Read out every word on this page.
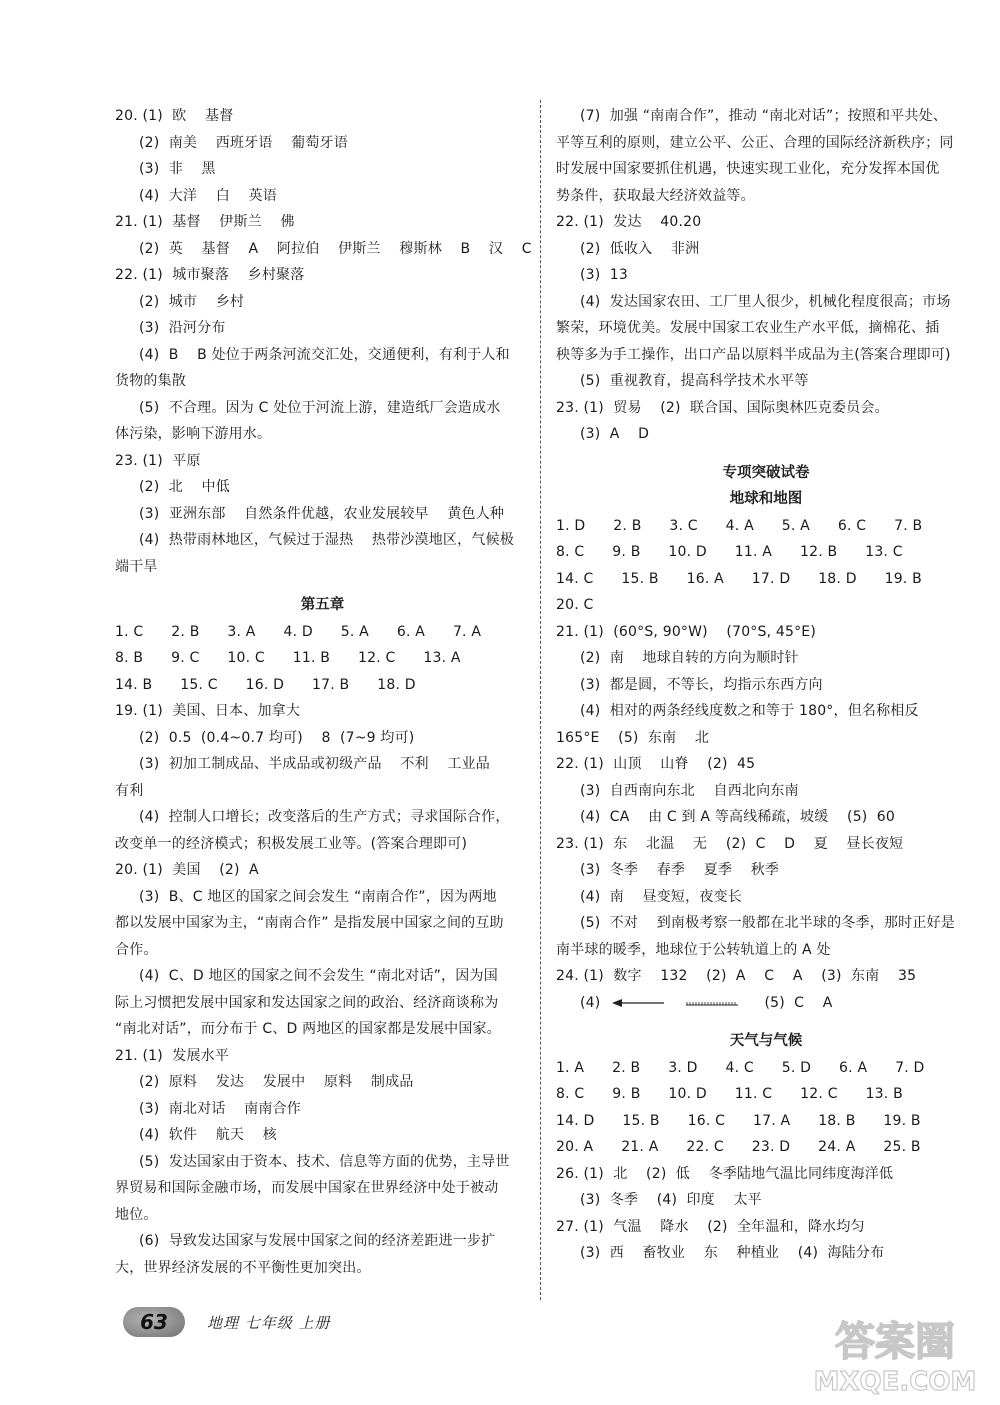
20. (1)  欧    基督
(2)  南美    西班牙语    葡萄牙语
(3)  非    黑
(4)  大洋    白    英语
21. (1)  基督    伊斯兰    佛
(2)  英    基督    A    阿拉伯    伊斯兰    穆斯林    B    汉    C
22. (1)  城市聚落    乡村聚落
(2)  城市    乡村
(3)  沿河分布
(4)  B    B 处位于两条河流交汇处，交通便利，有利于人和
货物的集散
(5)  不合理。因为 C 处位于河流上游，建造纸厂会造成水
体污染，影响下游用水。
23. (1)  平原
(2)  北    中低
(3)  亚洲东部    自然条件优越，农业发展较早    黄色人种
(4)  热带雨林地区，气候过于湿热    热带沙漠地区，气候极
端干旱
第五章
1. C      2. B      3. A      4. D      5. A      6. A      7. A
8. B      9. C      10. C      11. B      12. C      13. A
14. B      15. C      16. D      17. B      18. D
19. (1)  美国、日本、加拿大
(2)  0.5  (0.4~0.7 均可)    8  (7~9 均可)
(3)  初加工制成品、半成品或初级产品    不利    工业品
有利
(4)  控制人口增长；改变落后的生产方式；寻求国际合作，
改变单一的经济模式；积极发展工业等。(答案合理即可)
20. (1)  美国    (2)  A
(3)  B、C 地区的国家之间会发生 “南南合作”，因为两地
都以发展中国家为主，“南南合作” 是指发展中国家之间的互助
合作。
(4)  C、D 地区的国家之间不会发生 “南北对话”，因为国
际上习惯把发展中国家和发达国家之间的政治、经济商谈称为
“南北对话”，而分布于 C、D 两地区的国家都是发展中国家。
21. (1)  发展水平
(2)  原料    发达    发展中    原料    制成品
(3)  南北对话    南南合作
(4)  软件    航天    核
(5)  发达国家由于资本、技术、信息等方面的优势，主导世
界贸易和国际金融市场，而发展中国家在世界经济中处于被动
地位。
(6)  导致发达国家与发展中国家之间的经济差距进一步扩
大，世界经济发展的不平衡性更加突出。
(7)  加强 “南南合作”，推动 “南北对话”；按照和平共处、
平等互利的原则，建立公平、公正、合理的国际经济新秩序；同
时发展中国家要抓住机遇，快速实现工业化，充分发挥本国优
势条件，获取最大经济效益等。
22. (1)  发达    40.20
(2)  低收入    非洲
(3)  13
(4)  发达国家农田、工厂里人很少，机械化程度很高；市场
繁荣，环境优美。发展中国家工农业生产水平低，摘棉花、插
秧等多为手工操作，出口产品以原料半成品为主(答案合理即可)
(5)  重视教育，提高科学技术水平等
23. (1)  贸易    (2)  联合国、国际奥林匹克委员会。
(3)  A    D
专项突破试卷
地球和地图
1. D      2. B      3. C      4. A      5. A      6. C      7. B
8. C      9. B      10. D      11. A      12. B      13. C
14. C      15. B      16. A      17. D      18. D      19. B
20. C
21. (1)  (60°S, 90°W)    (70°S, 45°E)
(2)  南    地球自转的方向为顺时针
(3)  都是圆，不等长，均指示东西方向
(4)  相对的两条经线度数之和等于 180°，但名称相反
165°E    (5)  东南    北
22. (1)  山顶    山脊    (2)  45
(3)  自西南向东北    自西北向东南
(4)  CA    由 C 到 A 等高线稀疏，坡缓    (5)  60
23. (1)  东    北温    无    (2)  C    D    夏    昼长夜短
(3)  冬季    春季    夏季    秋季
(4)  南    昼变短，夜变长
(5)  不对    到南极考察一般都在北半球的冬季，那时正好是
南半球的暖季，地球位于公转轨道上的 A 处
24. (1)  数字    132    (2)  A    C    A    (3)  东南    35
(4)	(5)  C    A
天气与气候
1. A      2. B      3. D      4. C      5. D      6. A      7. D
8. C      9. B      10. D      11. C      12. C      13. B
14. D      15. B      16. C      17. A      18. B      19. B
20. A      21. A      22. C      23. D      24. A      25. B
26. (1)  北    (2)  低    冬季陆地气温比同纬度海洋低
(3)  冬季    (4)  印度    太平
27. (1)  气温    降水    (2)  全年温和，降水均匀
(3)  西    畜牧业    东    种植业    (4)  海陆分布
63	地理 七年级 上册	答案圈
MXQE.COM
